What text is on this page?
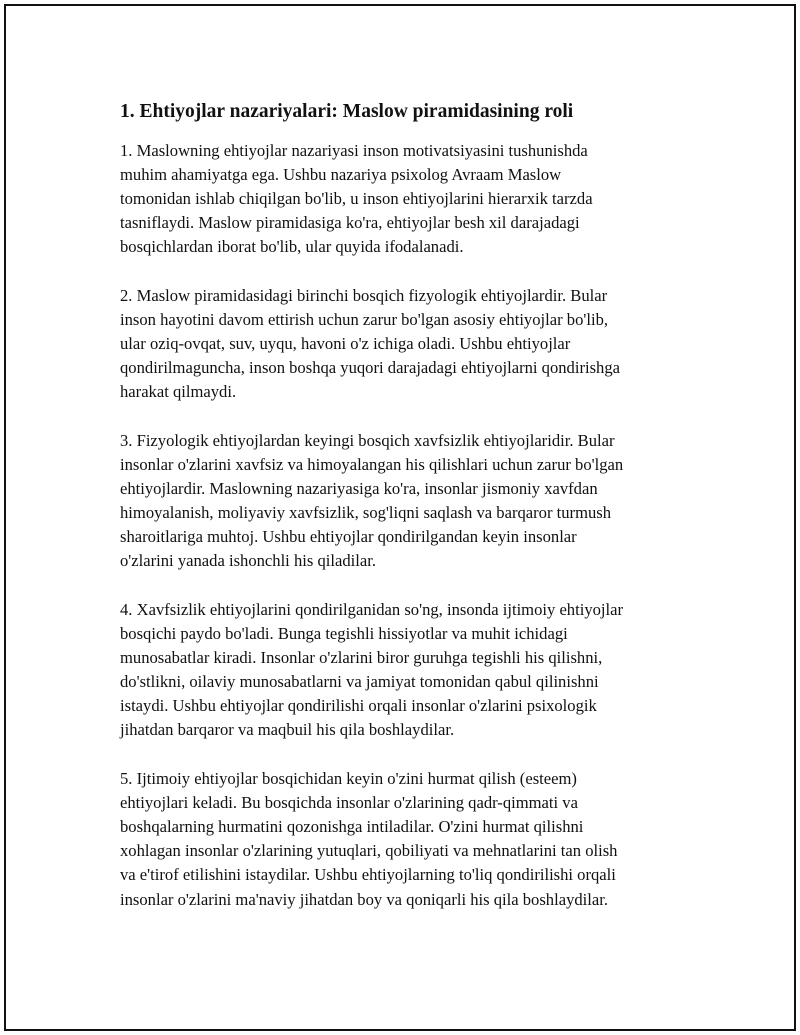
1. Ehtiyojlar nazariyalari: Maslow piramidasining roli

1. Maslowning ehtiyojlar nazariyasi inson motivatsiyasini tushunishda
muhim ahamiyatga ega. Ushbu nazariya psixolog Avraam Maslow
tomonidan ishlab chiqilgan bo'lib, u inson ehtiyojlarini hierarxik tarzda
tasniflaydi. Maslow piramidasiga ko'ra, ehtiyojlar besh xil darajadagi
bosqichlardan iborat bo'lib, ular quyida ifodalanadi.

2. Maslow piramidasidagi birinchi bosqich fizyologik ehtiyojlardir. Bular
inson hayotini davom ettirish uchun zarur bo'lgan asosiy ehtiyojlar bo'lib,
ular oziq-ovqat, suv, uyqu, havoni o'z ichiga oladi. Ushbu ehtiyojlar
qondirilmaguncha, inson boshqa yuqori darajadagi ehtiyojlarni qondirishga
harakat qilmaydi.

3. Fizyologik ehtiyojlardan keyingi bosqich xavfsizlik ehtiyojlaridir. Bular
insonlar o'zlarini xavfsiz va himoyalangan his qilishlari uchun zarur bo'lgan
ehtiyojlardir. Maslowning nazariyasiga ko'ra, insonlar jismoniy xavfdan
himoyalanish, moliyaviy xavfsizlik, sog'liqni saqlash va barqaror turmush
sharoitlariga muhtoj. Ushbu ehtiyojlar qondirilgandan keyin insonlar
o'zlarini yanada ishonchli his qiladilar.

4. Xavfsizlik ehtiyojlarini qondirilganidan so'ng, insonda ijtimoiy ehtiyojlar
bosqichi paydo bo'ladi. Bunga tegishli hissiyotlar va muhit ichidagi
munosabatlar kiradi. Insonlar o'zlarini biror guruhga tegishli his qilishni,
do'stlikni, oilaviy munosabatlarni va jamiyat tomonidan qabul qilinishni
istaydi. Ushbu ehtiyojlar qondirilishi orqali insonlar o'zlarini psixologik
jihatdan barqaror va maqbuil his qila boshlaydilar.

5. Ijtimoiy ehtiyojlar bosqichidan keyin o'zini hurmat qilish (esteem)
ehtiyojlari keladi. Bu bosqichda insonlar o'zlarining qadr-qimmati va
boshqalarning hurmatini qozonishga intiladilar. O'zini hurmat qilishni
xohlagan insonlar o'zlarining yutuqlari, qobiliyati va mehnatlarini tan olish
va e'tirof etilishini istaydilar. Ushbu ehtiyojlarning to'liq qondirilishi orqali
insonlar o'zlarini ma'naviy jihatdan boy va qoniqarli his qila boshlaydilar.
